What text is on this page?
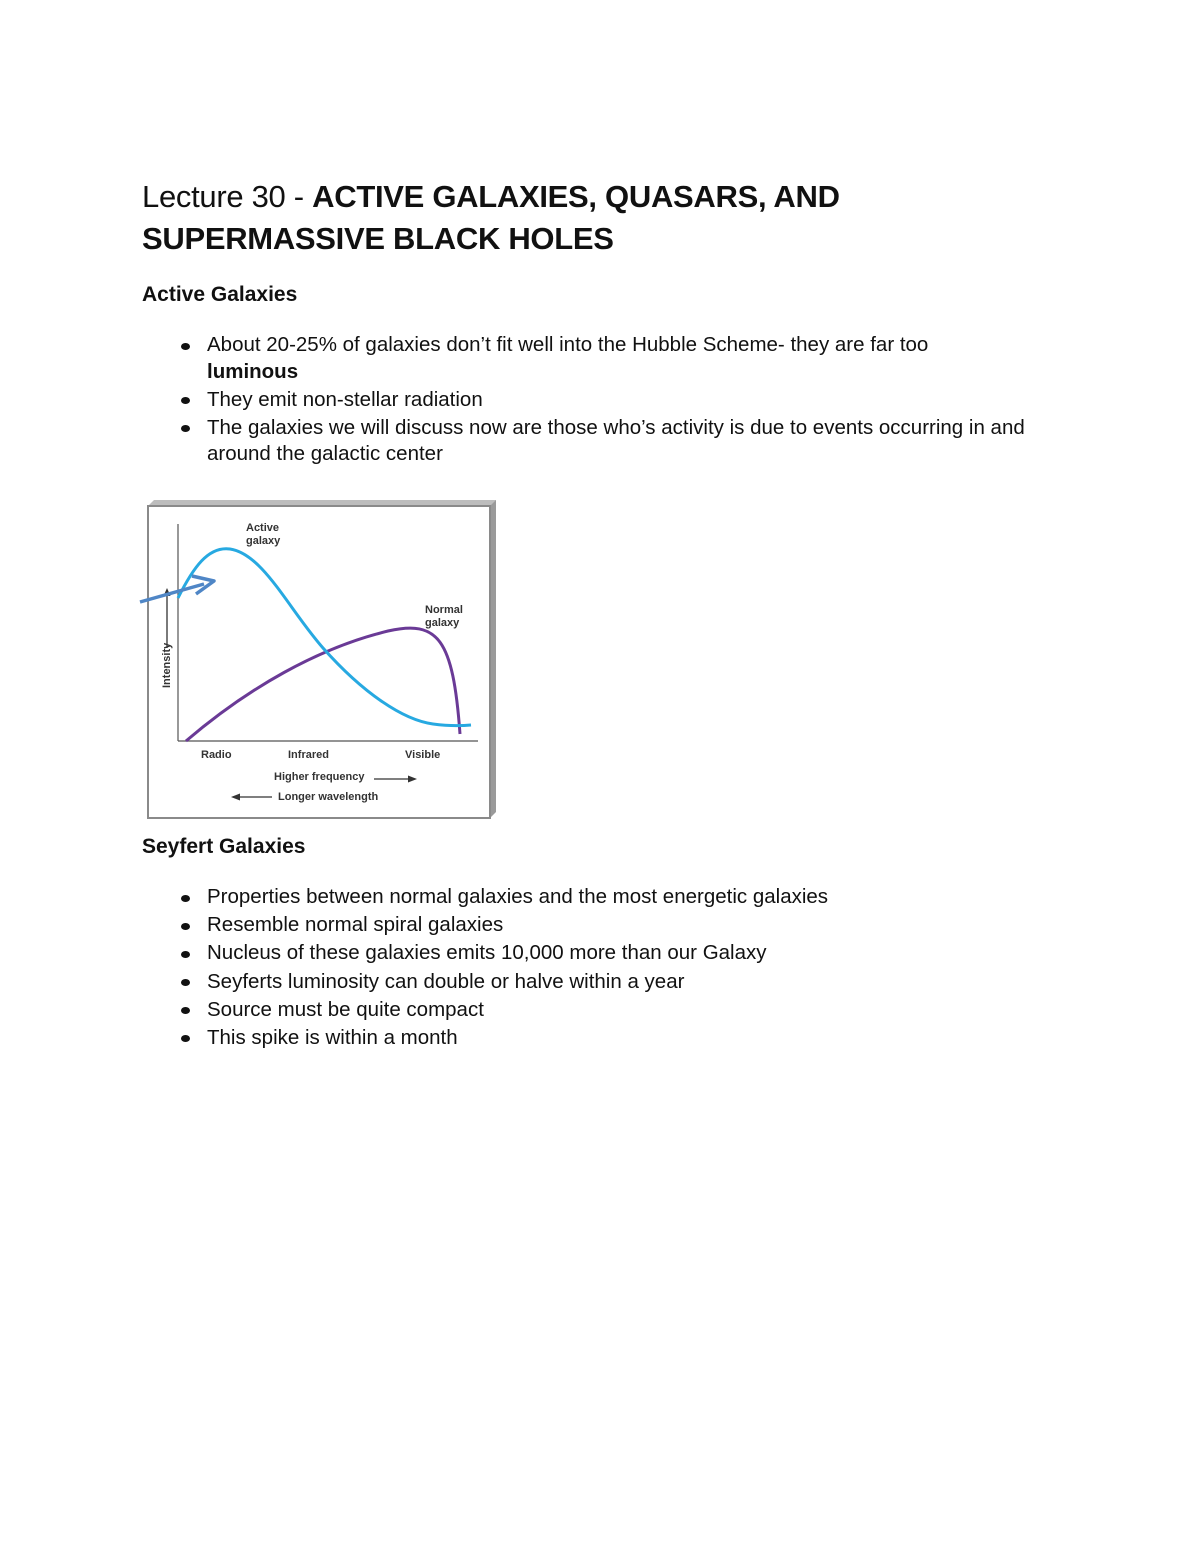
Lecture 30 - ACTIVE GALAXIES, QUASARS, AND
SUPERMASSIVE BLACK HOLES
Active Galaxies
About 20-25% of galaxies don’t fit well into the Hubble Scheme- they are far too
luminous
They emit non-stellar radiation
The galaxies we will discuss now are those who’s activity is due to events occurring in and around the galactic center
Intensity
Active
galaxy
Normal
galaxy
Radio	Infrared	Visible
Higher frequency
Longer wavelength
Seyfert Galaxies
Properties between normal galaxies and the most energetic galaxies
Resemble normal spiral galaxies
Nucleus of these galaxies emits 10,000 more than our Galaxy
Seyferts luminosity can double or halve within a year
Source must be quite compact
This spike is within a month
